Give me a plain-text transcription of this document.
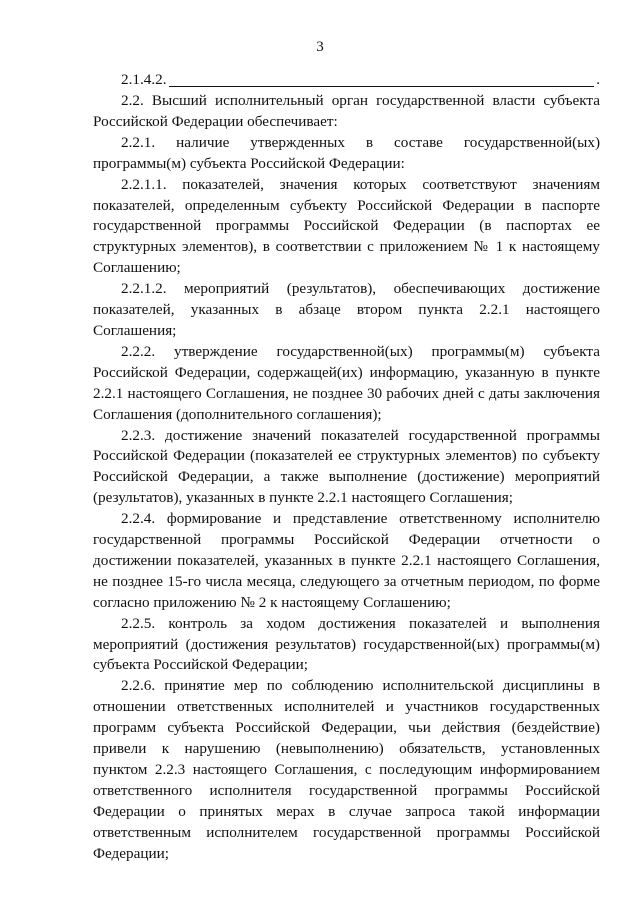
3
2.1.4.2.	.

2.2. Высший исполнительный орган государственной власти субъекта Российской Федерации обеспечивает:

2.2.1. наличие утвержденных в составе государственной(ых) программы(м) субъекта Российской Федерации:

2.2.1.1. показателей, значения которых соответствуют значениям показателей, определенным субъекту Российской Федерации в паспорте государственной программы Российской Федерации (в паспортах ее структурных элементов), в соответствии с приложением № 1 к настоящему Соглашению;

2.2.1.2. мероприятий (результатов), обеспечивающих достижение показателей, указанных в абзаце втором пункта 2.2.1 настоящего Соглашения;

2.2.2. утверждение государственной(ых) программы(м) субъекта Российской Федерации, содержащей(их) информацию, указанную в пункте 2.2.1 настоящего Соглашения, не позднее 30 рабочих дней с даты заключения Соглашения (дополнительного соглашения);

2.2.3. достижение значений показателей государственной программы Российской Федерации (показателей ее структурных элементов) по субъекту Российской Федерации, а также выполнение (достижение) мероприятий (результатов), указанных в пункте 2.2.1 настоящего Соглашения;

2.2.4. формирование и представление ответственному исполнителю государственной программы Российской Федерации отчетности о достижении показателей, указанных в пункте 2.2.1 настоящего Соглашения, не позднее 15-го числа месяца, следующего за отчетным периодом, по форме согласно приложению № 2 к настоящему Соглашению;

2.2.5. контроль за ходом достижения показателей и выполнения мероприятий (достижения результатов) государственной(ых) программы(м) субъекта Российской Федерации;

2.2.6. принятие мер по соблюдению исполнительской дисциплины в отношении ответственных исполнителей и участников государственных программ субъекта Российской Федерации, чьи действия (бездействие) привели к нарушению (невыполнению) обязательств, установленных пунктом 2.2.3 настоящего Соглашения, с последующим информированием ответственного исполнителя государственной программы Российской Федерации о принятых мерах в случае запроса такой информации ответственным исполнителем государственной программы Российской Федерации;
